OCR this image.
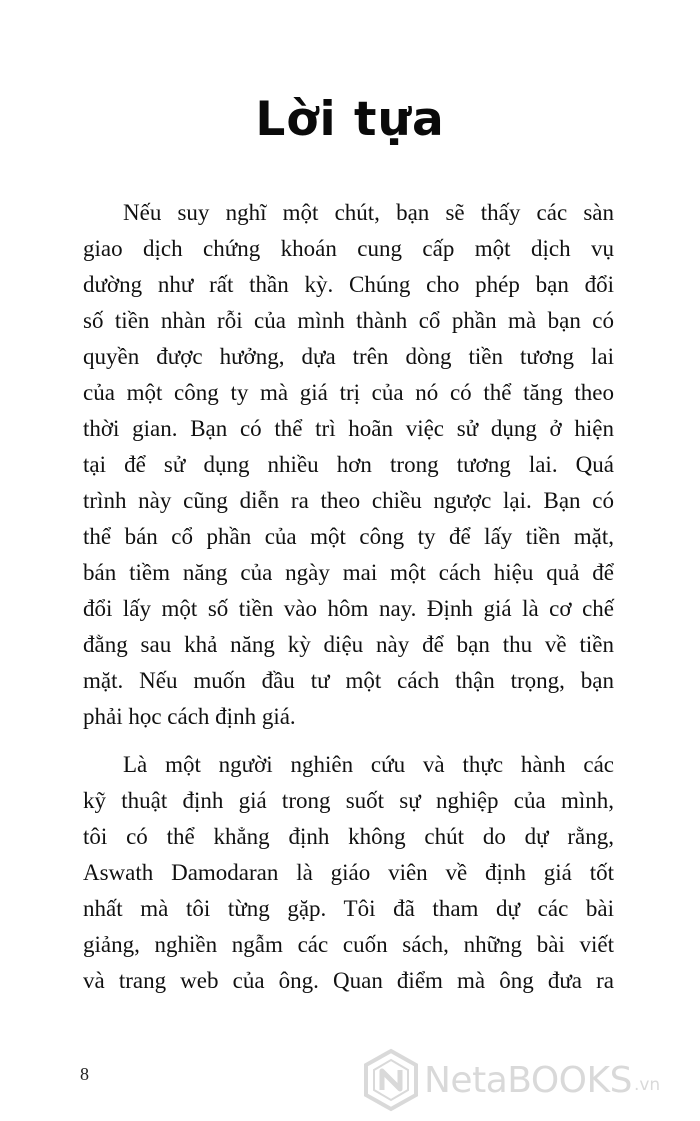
Lời tựa
Nếu suy nghĩ một chút, bạn sẽ thấy các sàn
giao dịch chứng khoán cung cấp một dịch vụ
dường như rất thần kỳ. Chúng cho phép bạn đổi
số tiền nhàn rỗi của mình thành cổ phần mà bạn có
quyền được hưởng, dựa trên dòng tiền tương lai
của một công ty mà giá trị của nó có thể tăng theo
thời gian. Bạn có thể trì hoãn việc sử dụng ở hiện
tại để sử dụng nhiều hơn trong tương lai. Quá
trình này cũng diễn ra theo chiều ngược lại. Bạn có
thể bán cổ phần của một công ty để lấy tiền mặt,
bán tiềm năng của ngày mai một cách hiệu quả để
đổi lấy một số tiền vào hôm nay. Định giá là cơ chế
đằng sau khả năng kỳ diệu này để bạn thu về tiền
mặt. Nếu muốn đầu tư một cách thận trọng, bạn
phải học cách định giá.
Là một người nghiên cứu và thực hành các
kỹ thuật định giá trong suốt sự nghiệp của mình,
tôi có thể khẳng định không chút do dự rằng,
Aswath Damodaran là giáo viên về định giá tốt
nhất mà tôi từng gặp. Tôi đã tham dự các bài
giảng, nghiền ngẫm các cuốn sách, những bài viết
và trang web của ông. Quan điểm mà ông đưa ra
8	NetaBOOKS .vn
